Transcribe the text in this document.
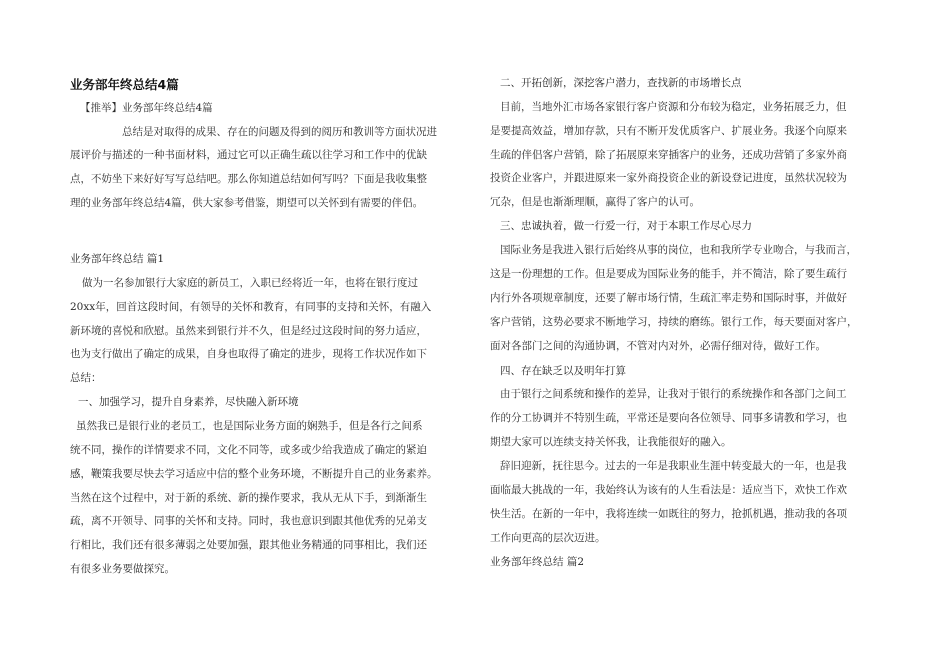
业务部年终总结4篇
【推举】业务部年终总结4篇
总结是对取得的成果、存在的问题及得到的阅历和教训等方面状况进
展评价与描述的一种书面材料，通过它可以正确生疏以往学习和工作中的优缺
点，不妨坐下来好好写写总结吧。那么你知道总结如何写吗？下面是我收集整
理的业务部年终总结4篇，供大家参考借鉴，期望可以关怀到有需要的伴侣。
业务部年终总结 篇1
做为一名参加银行大家庭的新员工，入职已经将近一年，也将在银行度过
20xx年，回首这段时间，有领导的关怀和教育，有同事的支持和关怀，有融入
新环境的喜悦和欣慰。虽然来到银行并不久，但是经过这段时间的努力适应，
也为支行做出了确定的成果，自身也取得了确定的进步，现将工作状况作如下
总结：
一、加强学习，提升自身素养，尽快融入新环境
虽然我已是银行业的老员工，也是国际业务方面的娴熟手，但是各行之间系
统不同，操作的详情要求不同，文化不同等，或多或少给我造成了确定的紧迫
感，鞭策我要尽快去学习适应中信的整个业务环境，不断提升自己的业务素养。
当然在这个过程中，对于新的系统、新的操作要求，我从无从下手，到渐渐生
疏，离不开领导、同事的关怀和支持。同时，我也意识到跟其他优秀的兄弟支
行相比，我们还有很多薄弱之处要加强，跟其他业务精通的同事相比，我们还
有很多业务要做探究。
二、开拓创新，深挖客户潜力，查找新的市场增长点
目前，当地外汇市场各家银行客户资源和分布较为稳定，业务拓展乏力，但
是要提高效益，增加存款，只有不断开发优质客户、扩展业务。我逐个向原来
生疏的伴侣客户营销，除了拓展原来穿插客户的业务，还成功营销了多家外商
投资企业客户，并跟进原来一家外商投资企业的新设登记进度，虽然状况较为
冗杂，但是也渐渐理顺，赢得了客户的认可。
三、忠诚执着，做一行爱一行，对于本职工作尽心尽力
国际业务是我进入银行后始终从事的岗位，也和我所学专业吻合，与我而言，
这是一份理想的工作。但是要成为国际业务的能手，并不简洁，除了要生疏行
内行外各项规章制度，还要了解市场行情，生疏汇率走势和国际时事，并做好
客户营销，这势必要求不断地学习，持续的磨练。银行工作，每天要面对客户，
面对各部门之间的沟通协调，不管对内对外，必需仔细对待，做好工作。
四、存在缺乏以及明年打算
由于银行之间系统和操作的差异，让我对于银行的系统操作和各部门之间工
作的分工协调并不特别生疏，平常还是要向各位领导、同事多请教和学习，也
期望大家可以连续支持关怀我，让我能很好的融入。
辞旧迎新，抚往思今。过去的一年是我职业生涯中转变最大的一年，也是我
面临最大挑战的一年，我始终认为该有的人生看法是：适应当下，欢快工作欢
快生活。在新的一年中，我将连续一如既往的努力，抢抓机遇，推动我的各项
工作向更高的层次迈进。
业务部年终总结 篇2
